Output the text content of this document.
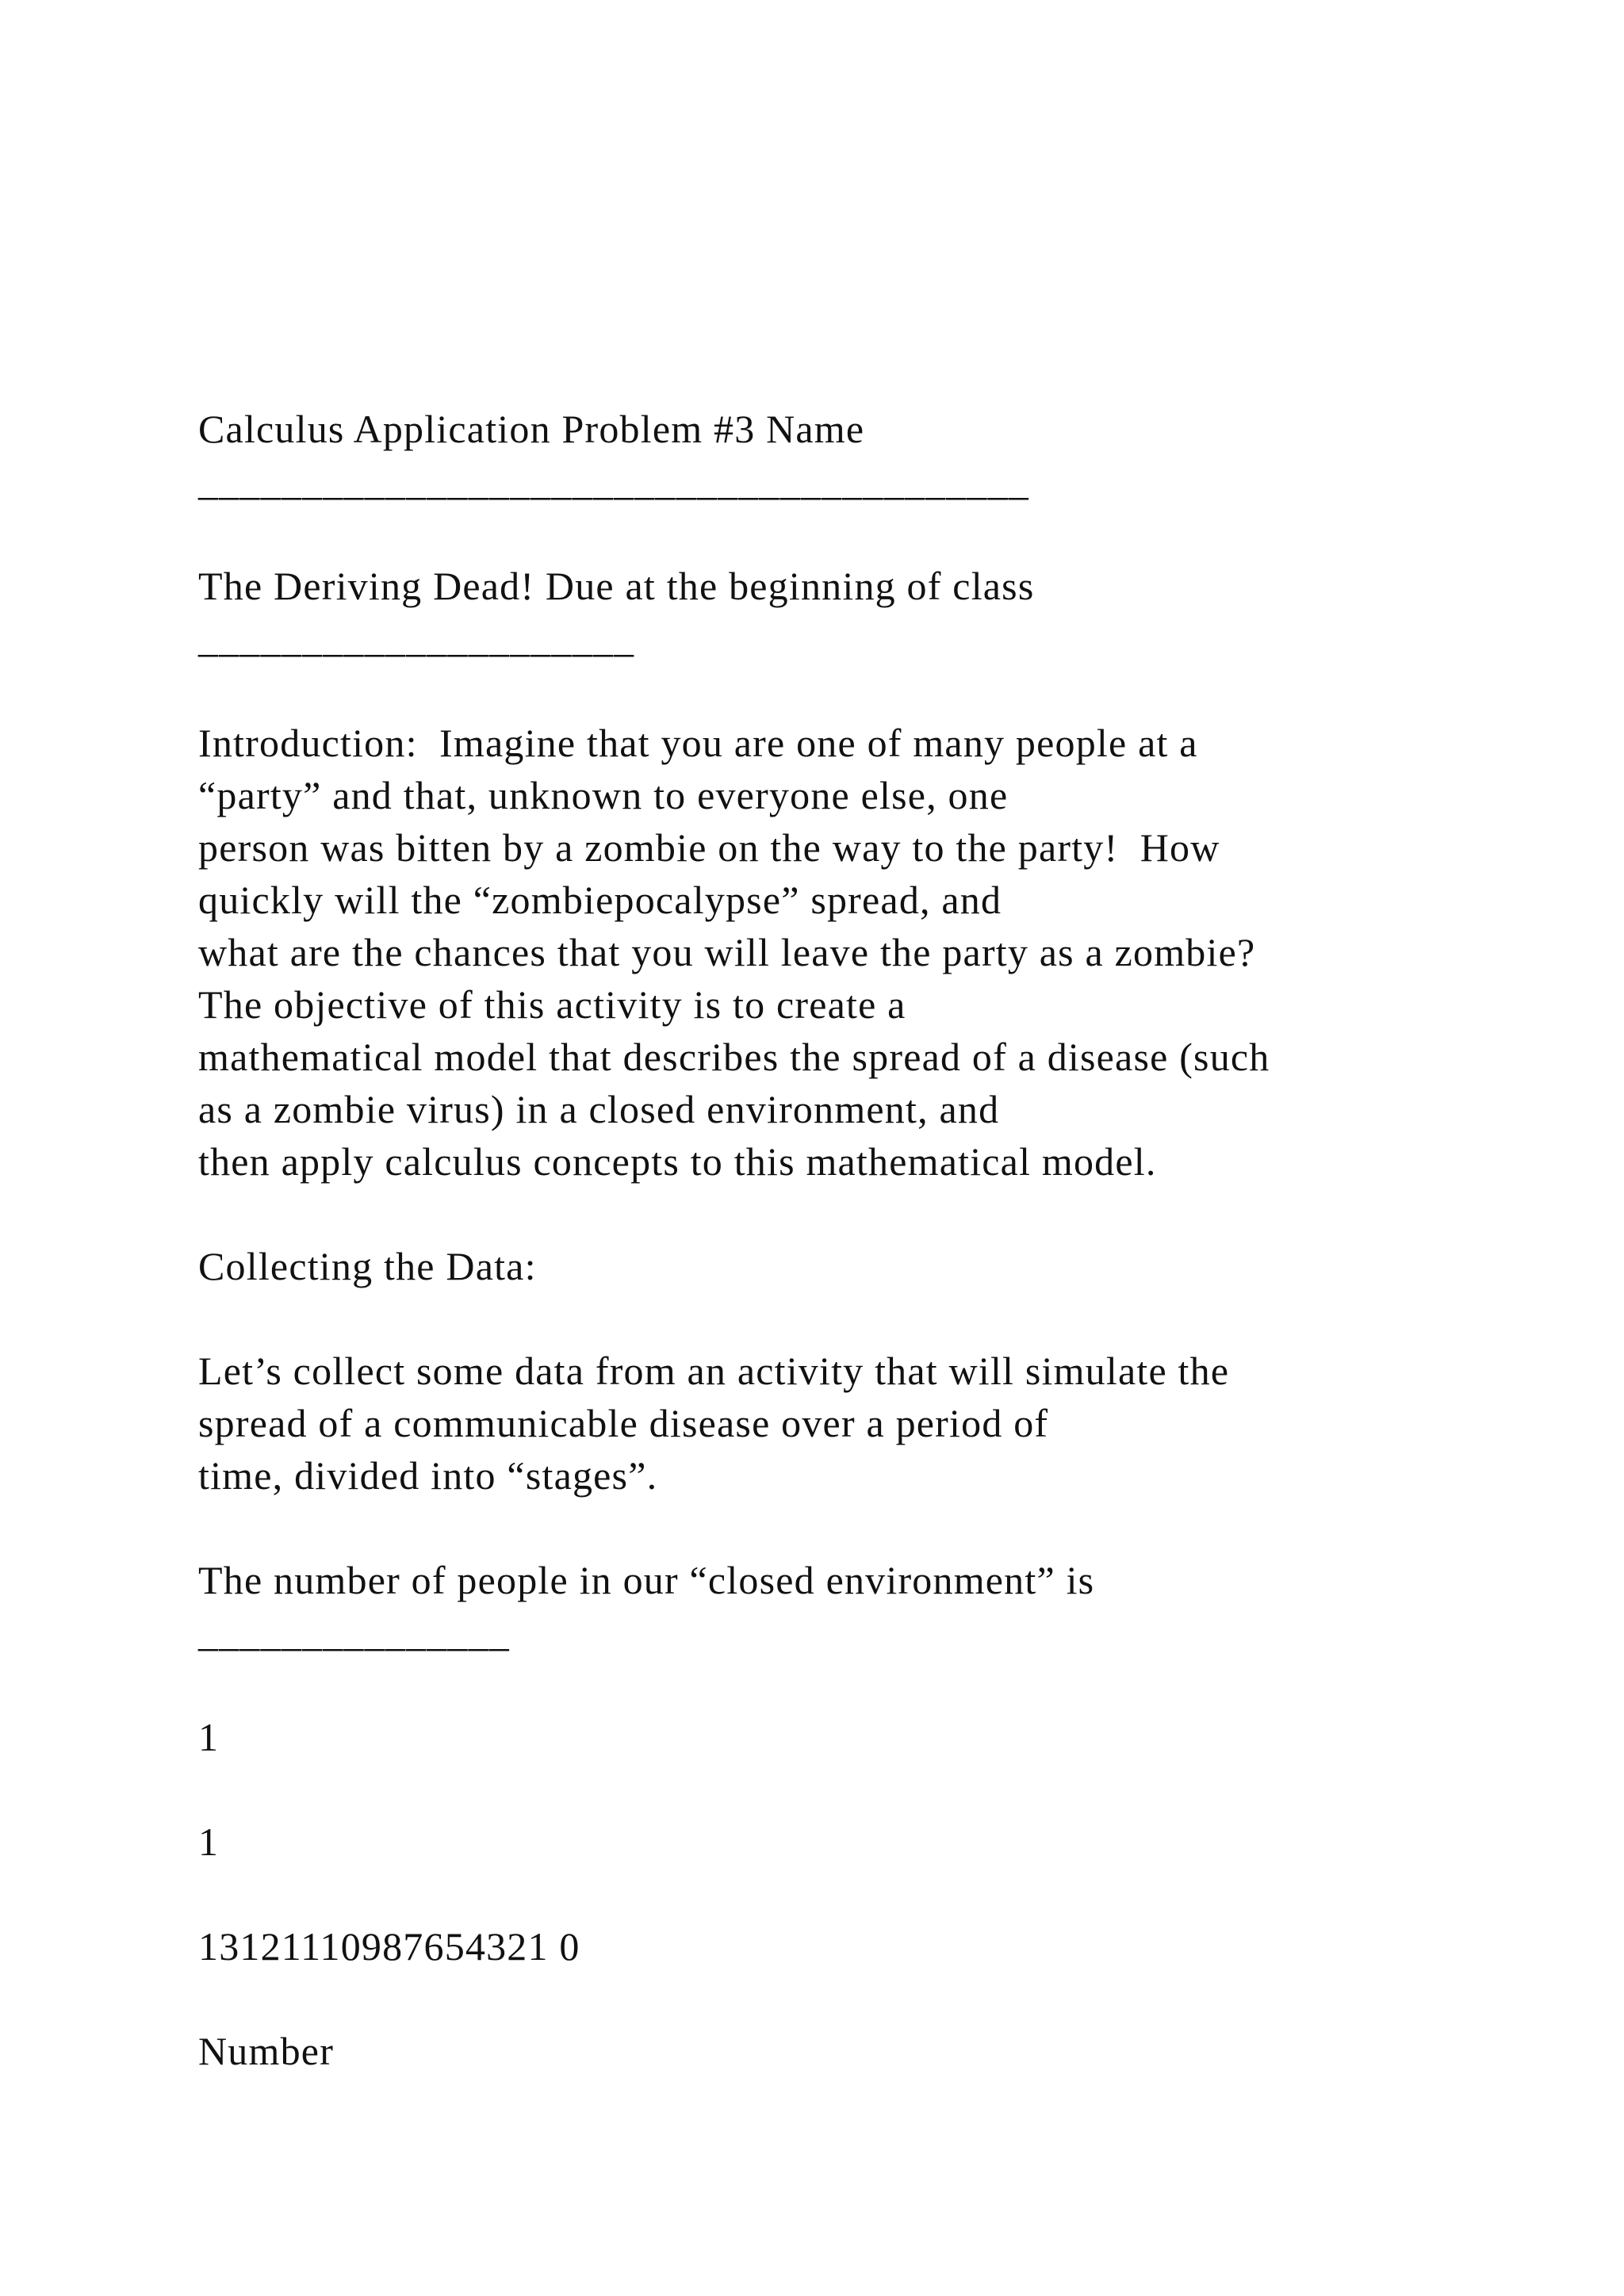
Calculus Application Problem #3 Name
________________________________________
The Deriving Dead! Due at the beginning of class
_____________________
Introduction:  Imagine that you are one of many people at a
“party” and that, unknown to everyone else, one
person was bitten by a zombie on the way to the party!  How
quickly will the “zombiepocalypse” spread, and
what are the chances that you will leave the party as a zombie?
The objective of this activity is to create a
mathematical model that describes the spread of a disease (such
as a zombie virus) in a closed environment, and
then apply calculus concepts to this mathematical model.
Collecting the Data:
Let’s collect some data from an activity that will simulate the
spread of a communicable disease over a period of
time, divided into “stages”.
The number of people in our “closed environment” is
_______________
1
1
13121110987654321 0
Number
